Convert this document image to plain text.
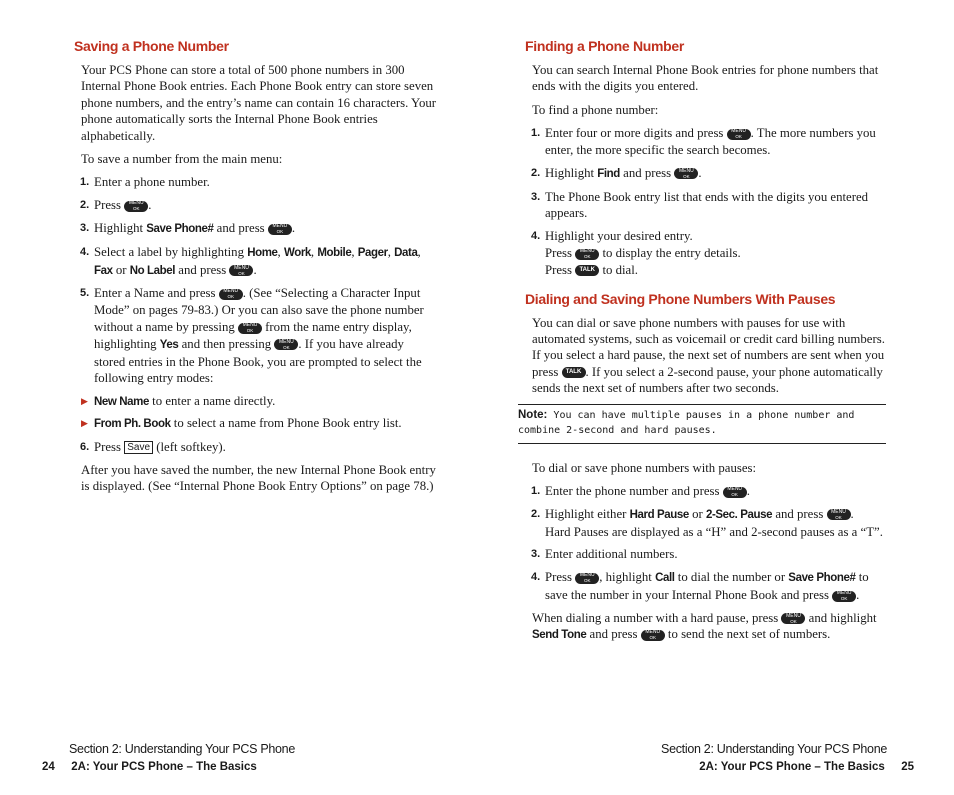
Saving a Phone Number

Your PCS Phone can store a total of 500 phone numbers in 300 Internal Phone Book entries. Each Phone Book entry can store seven phone numbers, and the entry’s name can contain 16 characters. Your phone automatically sorts the Internal Phone Book entries alphabetically.

To save a number from the main menu:

1. Enter a phone number.
2. Press MENU
OK .
3. Highlight Save Phone# and press MENU
OK .
4. Select a label by highlighting Home, Work, Mobile, Pager, Data, Fax or No Label and press MENU
OK .
5. Enter a Name and press MENU
OK . (See “Selecting a Character Input Mode” on pages 79-83.) Or you can also save the phone number without a name by pressing MENU
OK from the name entry display, highlighting Yes and then pressing MENU
OK . If you have already stored entries in the Phone Book, you are prompted to select the following entry modes:
▶ New Name to enter a name directly.
▶ From Ph. Book to select a name from Phone Book entry list.
6. Press Save (left softkey).

After you have saved the number, the new Internal Phone Book entry is displayed. (See “Internal Phone Book Entry Options” on page 78.)

Finding a Phone Number

You can search Internal Phone Book entries for phone numbers that ends with the digits you entered.

To find a phone number:

1. Enter four or more digits and press MENU
OK . The more numbers you enter, the more specific the search becomes.
2. Highlight Find and press MENU
OK .
3. The Phone Book entry list that ends with the digits you entered appears.
4. Highlight your desired entry.
Press MENU
OK to display the entry details.
Press TALK to dial.
Dialing and Saving Phone Numbers With Pauses

You can dial or save phone numbers with pauses for use with automated systems, such as voicemail or credit card billing numbers. If you select a hard pause, the next set of numbers are sent when you press TALK . If you select a 2-second pause, your phone automatically sends the next set of numbers after two seconds.

Note: You can have multiple pauses in a phone number and combine 2-second and hard pauses.

To dial or save phone numbers with pauses:

1. Enter the phone number and press MENU
OK .
2. Highlight either Hard Pause or 2-Sec. Pause and press MENU
OK .
Hard Pauses are displayed as a “H” and 2-second pauses as a “T”.
3. Enter additional numbers.
4. Press MENU
OK , highlight Call to dial the number or Save Phone# to save the number in your Internal Phone Book and press MENU
OK .

When dialing a number with a hard pause, press MENU
OK and highlight Send Tone and press MENU
OK to send the next set of numbers.

Section 2: Understanding Your PCS Phone
24 2A: Your PCS Phone – The Basics
Section 2: Understanding Your PCS Phone
2A: Your PCS Phone – The Basics 25
